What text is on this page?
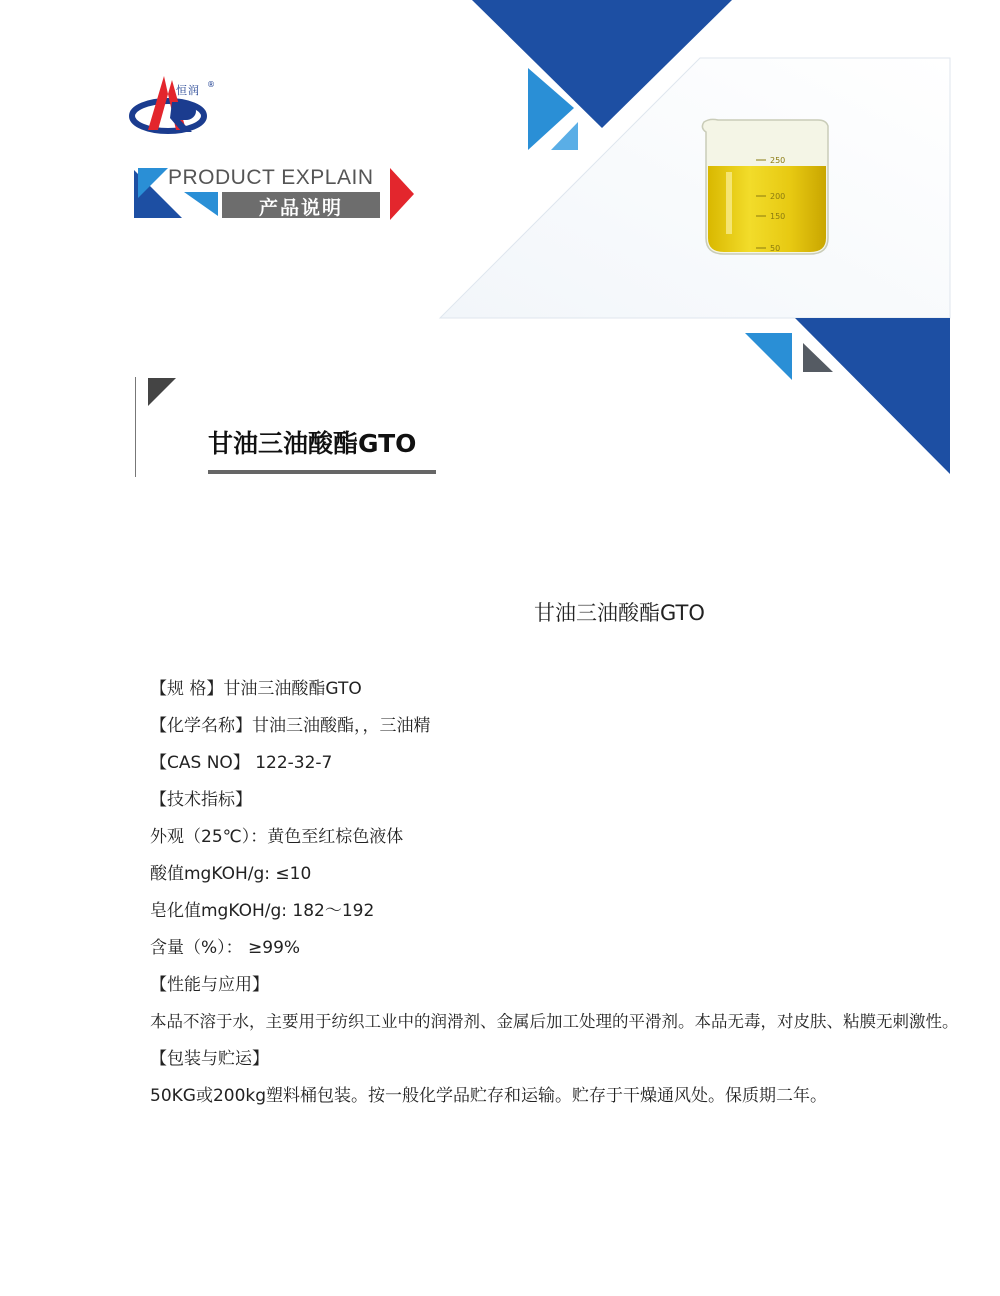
恒润 ®
PRODUCT EXPLAIN
产品说明
250
200
150
50
甘油三油酸酯GTO
甘油三油酸酯GTO
【规 格】甘油三油酸酯GTO
【化学名称】甘油三油酸酯，，三油精
【CAS NO】 122-32-7
【技术指标】
外观（25℃）：黄色至红棕色液体
酸值mgKOH/g: ≤10
皂化值mgKOH/g: 182～192
含量（%）： ≥99%
【性能与应用】
本品不溶于水，主要用于纺织工业中的润滑剂、金属后加工处理的平滑剂。本品无毒，对皮肤、粘膜无刺激性。
【包装与贮运】
50KG或200kg塑料桶包装。按一般化学品贮存和运输。贮存于干燥通风处。保质期二年。
